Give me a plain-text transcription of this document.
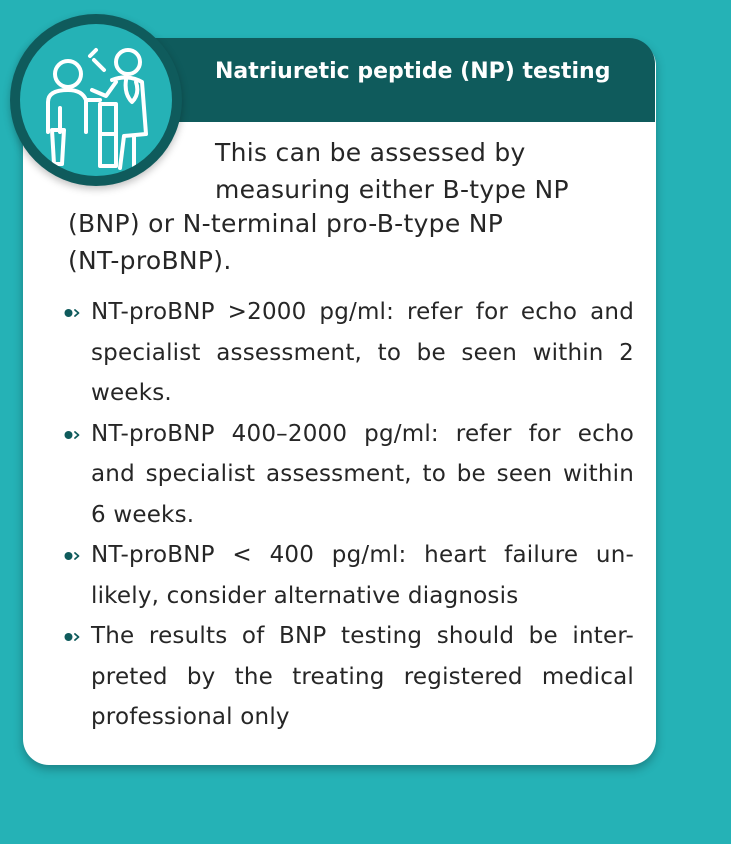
Natriuretic peptide (NP) testing

This can be assessed by

measuring either B-type NP

(BNP) or N-terminal pro-B-type NP

(NT-proBNP).

NT-proBNP >2000 pg/ml: refer for echo and specialist assessment, to be seen within 2 weeks.
NT-proBNP 400–2000 pg/ml: refer for echo and specialist assessment, to be seen within 6 weeks.
NT-proBNP < 400 pg/ml: heart failure un-likely, consider alternative diagnosis
The results of BNP testing should be inter-preted by the treating registered medical professional only
